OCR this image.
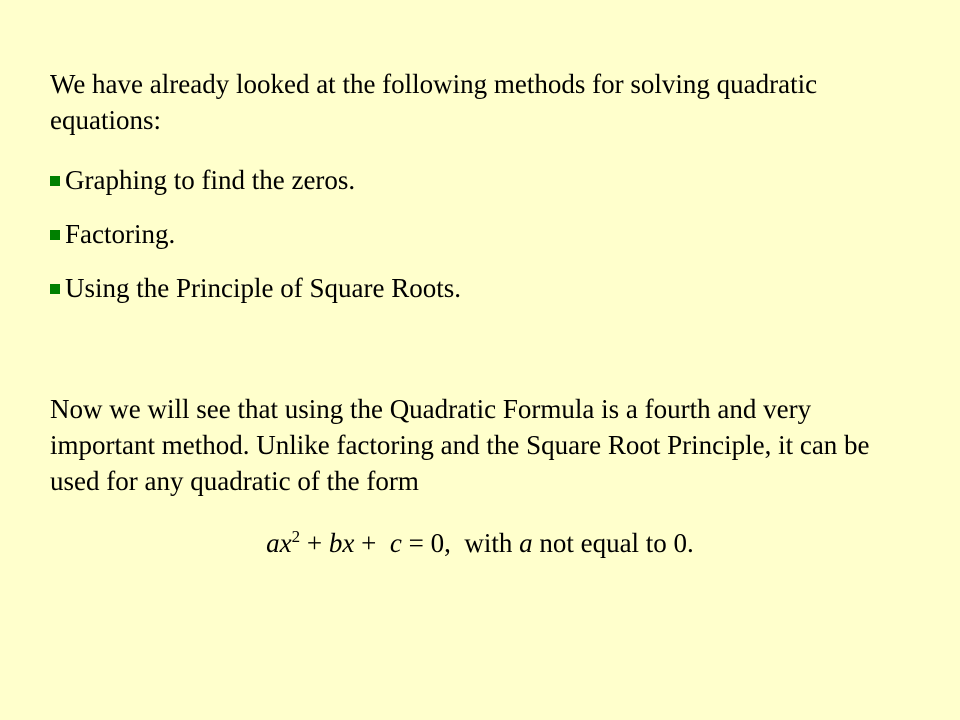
We have already looked at the following methods for solving quadratic equations:

Graphing to find the zeros.
Factoring.
Using the Principle of Square Roots.

Now we will see that using the Quadratic Formula is a fourth and very important method. Unlike factoring and the Square Root Principle, it can be used for any quadratic of the form

$ax^2$ + bx +  c = 0,  with a not equal to 0.
